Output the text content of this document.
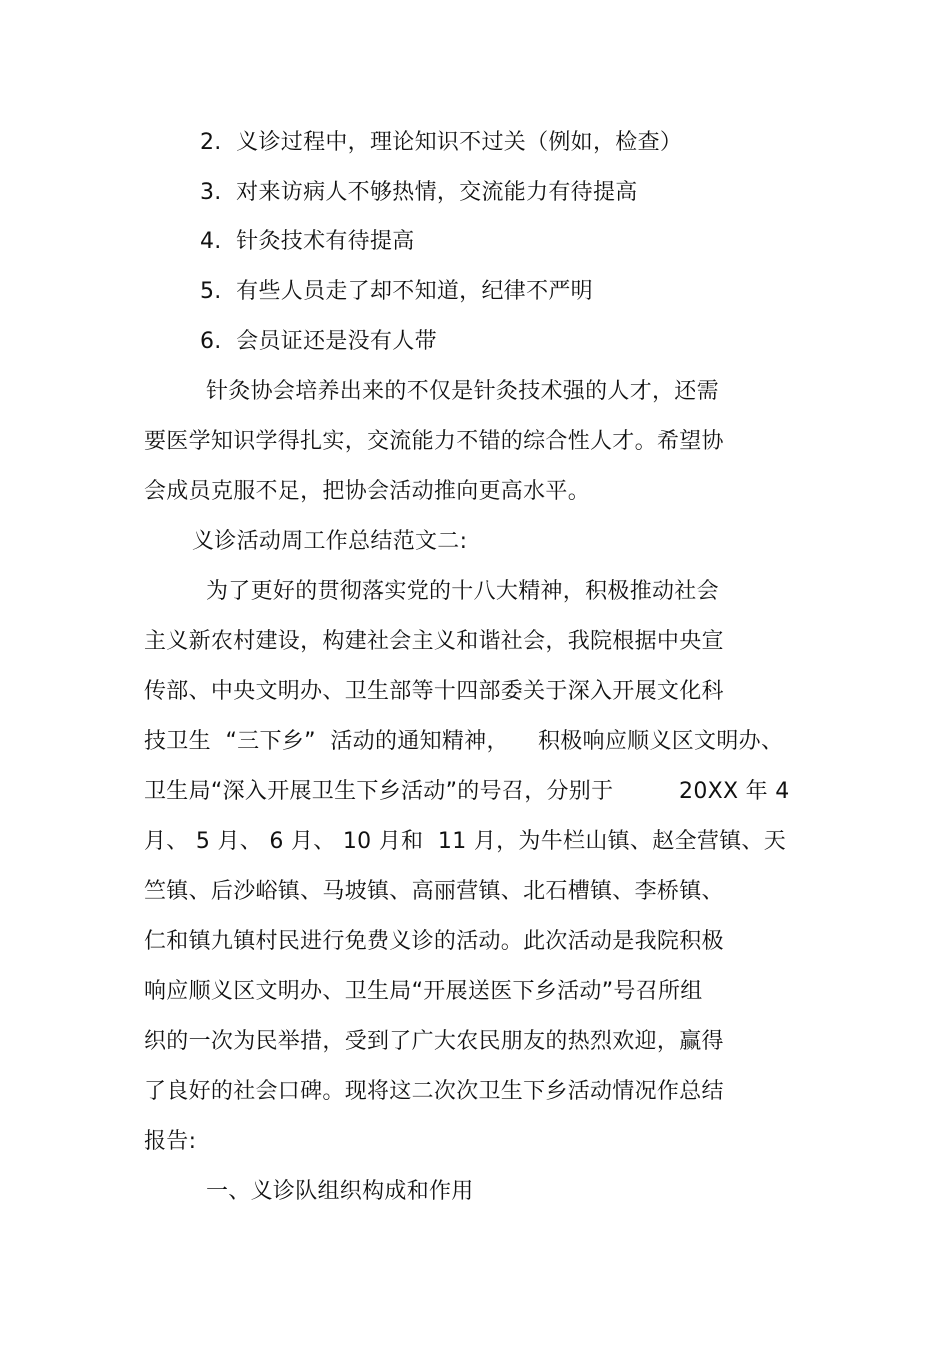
2.  义诊过程中，理论知识不过关（例如，检查）
3.  对来访病人不够热情，交流能力有待提高
4.  针灸技术有待提高
5.  有些人员走了却不知道，纪律不严明
6.  会员证还是没有人带
针灸协会培养出来的不仅是针灸技术强的人才，还需
要医学知识学得扎实，交流能力不错的综合性人才。希望协
会成员克服不足，把协会活动推向更高水平。
义诊活动周工作总结范文二:
为了更好的贯彻落实党的十八大精神，积极推动社会
主义新农村建设，构建社会主义和谐社会，我院根据中央宣
传部、中央文明办、卫生部等十四部委关于深入开展文化科
技卫生  “三下乡”  活动的通知精神，    积极响应顺义区文明办、
卫生局“深入开展卫生下乡活动”的号召，分别于         20XX 年 4
月、 5 月、 6 月、 10 月和  11 月，为牛栏山镇、赵全营镇、天
竺镇、后沙峪镇、马坡镇、高丽营镇、北石槽镇、李桥镇、
仁和镇九镇村民进行免费义诊的活动。此次活动是我院积极
响应顺义区文明办、卫生局“开展送医下乡活动”号召所组
织的一次为民举措，受到了广大农民朋友的热烈欢迎，赢得
了良好的社会口碑。现将这二次次卫生下乡活动情况作总结
报告:
一、义诊队组织构成和作用
